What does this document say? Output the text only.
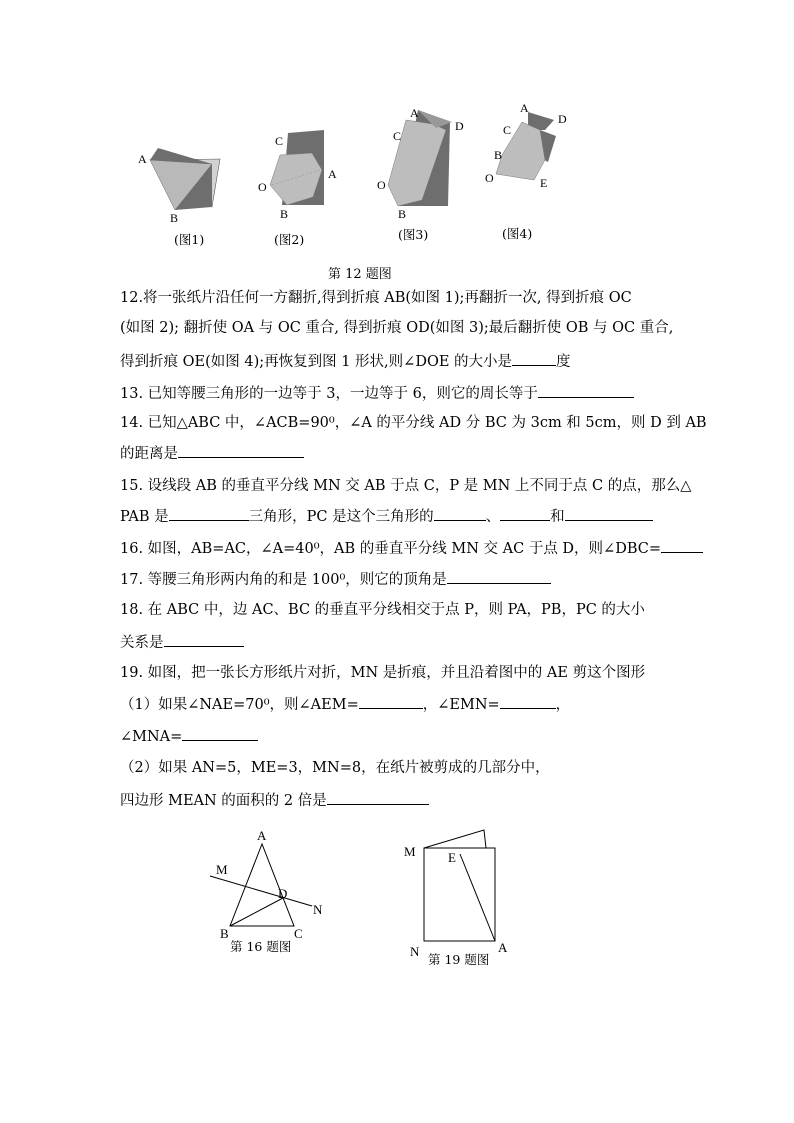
A
B
C
O
A
B
A
D
C
O
B
A
D
C
B
O	E
(图1)	(图2)	(图3)	(图4)
第 12 题图
12.将一张纸片沿任何一方翻折,得到折痕 AB(如图 1);再翻折一次, 得到折痕 OC
(如图 2); 翻折使 OA 与 OC 重合, 得到折痕 OD(如图 3);最后翻折使 OB 与 OC 重合,
得到折痕 OE(如图 4);再恢复到图 1 形状,则∠DOE 的大小是	度
13. 已知等腰三角形的一边等于 3，一边等于 6，则它的周长等于
14. 已知△ABC 中，∠ACB=90⁰，∠A 的平分线 AD 分 BC 为 3cm 和 5cm，则 D 到 AB
的距离是
15. 设线段 AB 的垂直平分线 MN 交 AB 于点 C，P 是 MN 上不同于点 C 的点，那么△
PAB 是	三角形，PC 是这个三角形的	、	和
16. 如图，AB=AC，∠A=40⁰，AB 的垂直平分线 MN 交 AC 于点 D，则∠DBC=
17. 等腰三角形两内角的和是 100⁰，则它的顶角是
18. 在 ABC 中，边 AC、BC 的垂直平分线相交于点 P，则 PA，PB，PC 的大小
关系是
19. 如图，把一张长方形纸片对折，MN 是折痕，并且沿着图中的 AE 剪这个图形
（1）如果∠NAE=70⁰，则∠AEM=	，∠EMN=	，
∠MNA=
（2）如果 AN=5，ME=3，MN=8，在纸片被剪成的几部分中，
四边形 MEAN 的面积的 2 倍是
A
M
D
N
B	C
第 16 题图
M E
N	A
第 19 题图
